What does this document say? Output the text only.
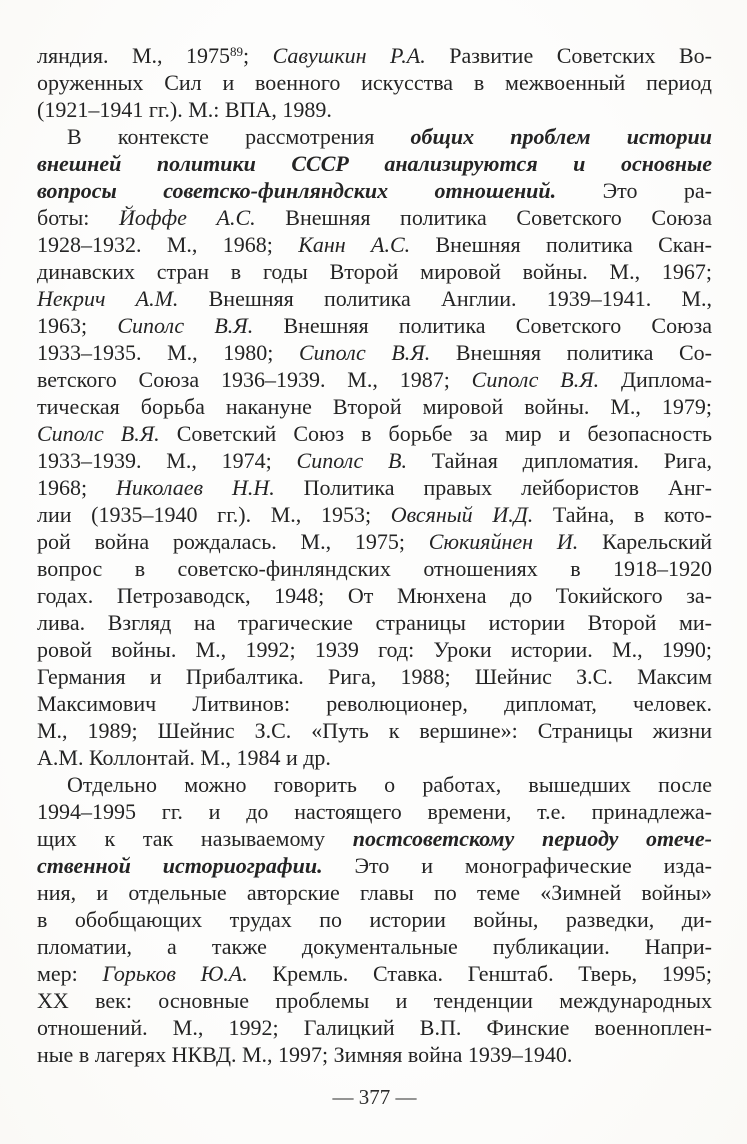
ляндия. М., 1975$^{89}$; Савушкин Р.А. Развитие Советских Во-
оруженных Сил и военного искусства в межвоенный период
(1921–1941 гг.). М.: ВПА, 1989.
В контексте рассмотрения общих проблем истории
внешней политики СССР анализируются и основные
вопросы советско-финляндских отношений. Это ра-
боты: Йоффе А.С. Внешняя политика Советского Союза
1928–1932. М., 1968; Канн А.С. Внешняя политика Скан-
динавских стран в годы Второй мировой войны. М., 1967;
Некрич А.М. Внешняя политика Англии. 1939–1941. М.,
1963; Сиполс В.Я. Внешняя политика Советского Союза
1933–1935. М., 1980; Сиполс В.Я. Внешняя политика Со-
ветского Союза 1936–1939. М., 1987; Сиполс В.Я. Диплома-
тическая борьба накануне Второй мировой войны. М., 1979;
Сиполс В.Я. Советский Союз в борьбе за мир и безопасность
1933–1939. М., 1974; Сиполс В. Тайная дипломатия. Рига,
1968; Николаев Н.Н. Политика правых лейбористов Анг-
лии (1935–1940 гг.). М., 1953; Овсяный И.Д. Тайна, в кото-
рой война рождалась. М., 1975; Сюкияйнен И. Карельский
вопрос в советско-финляндских отношениях в 1918–1920
годах. Петрозаводск, 1948; От Мюнхена до Токийского за-
лива. Взгляд на трагические страницы истории Второй ми-
ровой войны. М., 1992; 1939 год: Уроки истории. М., 1990;
Германия и Прибалтика. Рига, 1988; Шейнис З.С. Максим
Максимович Литвинов: революционер, дипломат, человек.
М., 1989; Шейнис З.С. «Путь к вершине»: Страницы жизни
А.М. Коллонтай. М., 1984 и др.
Отдельно можно говорить о работах, вышедших после
1994–1995 гг. и до настоящего времени, т.е. принадлежа-
щих к так называемому постсоветскому периоду отече-
ственной историографии. Это и монографические изда-
ния, и отдельные авторские главы по теме «Зимней войны»
в обобщающих трудах по истории войны, разведки, ди-
пломатии, а также документальные публикации. Напри-
мер: Горьков Ю.А. Кремль. Ставка. Генштаб. Тверь, 1995;
ХХ век: основные проблемы и тенденции международных
отношений. М., 1992; Галицкий В.П. Финские военноплен-
ные в лагерях НКВД. М., 1997; Зимняя война 1939–1940.
— 377 —
